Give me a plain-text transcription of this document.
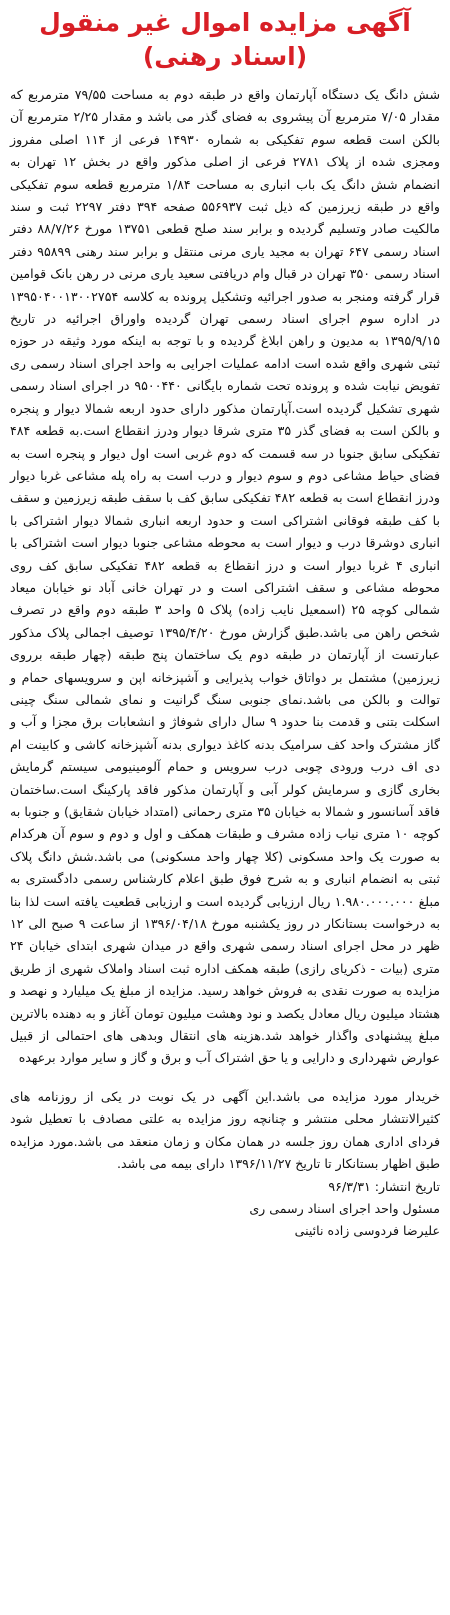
آگهی مزایده اموال غیر منقول (اسناد رهنی)

شش دانگ یک دستگاه آپارتمان واقع در طبقه دوم به مساحت ۷۹/۵۵ مترمربع که مقدار ۷/۰۵ مترمربع آن پیشروی به فضای گذر می باشد و مقدار ۲/۲۵ مترمربع آن بالکن است قطعه سوم تفکیکی به شماره ۱۴۹۳۰ فرعی از ۱۱۴ اصلی مفروز ومجزی شده از پلاک ۲۷۸۱ فرعی از اصلی مذکور واقع در بخش ۱۲ تهران به انضمام شش دانگ یک باب انباری به مساحت ۱/۸۴ مترمربع قطعه سوم تفکیکی واقع در طبقه زیرزمین که ذیل ثبت ۵۵۶۹۳۷ صفحه ۳۹۴ دفتر ۲۲۹۷ ثبت و سند مالکیت صادر وتسلیم گردیده و برابر سند صلح قطعی ۱۳۷۵۱ مورخ ۸۸/۷/۲۶ دفتر اسناد رسمی ۶۴۷ تهران به مجید یاری مرنی منتقل و برابر سند رهنی ۹۵۸۹۹ دفتر اسناد رسمی ۳۵۰ تهران در قبال وام دریافتی سعید یاری مرنی در رهن بانک قوامین قرار گرفته ومنجر به صدور اجرائیه وتشکیل پرونده به کلاسه ۱۳۹۵۰۴۰۰۱۳۰۰۲۷۵۴ در اداره سوم اجرای اسناد رسمی تهران گردیده واوراق اجرائیه در تاریخ ۱۳۹۵/۹/۱۵ به مدیون و راهن ابلاغ گردیده و با توجه به اینکه مورد وثیقه در حوزه ثبتی شهری واقع شده است ادامه عملیات اجرایی به واحد اجرای اسناد رسمی ری تفویض نیابت شده و پرونده تحت شماره بایگانی ۹۵۰۰۴۴۰ در اجرای اسناد رسمی شهری تشکیل گردیده است.آپارتمان مذکور دارای حدود اربعه شمالا دیوار و پنجره و بالکن است به فضای گذر ۳۵ متری شرقا دیوار ودرز انقطاع است.به قطعه ۴۸۴ تفکیکی سابق جنوبا در سه قسمت که دوم غربی است اول دیوار و پنجره است به فضای حیاط مشاعی دوم و سوم دیوار و درب است به راه پله مشاعی غربا دیوار ودرز انقطاع است به قطعه ۴۸۲ تفکیکی سابق کف با سقف طبقه زیرزمین و سقف با کف طبقه فوقانی اشتراکی است و حدود اربعه انباری شمالا دیوار اشتراکی با انباری دوشرقا درب و دیوار است به محوطه مشاعی جنوبا دیوار است اشتراکی با انباری ۴ غربا دیوار است و درز انقطاع به قطعه ۴۸۲ تفکیکی سابق کف روی محوطه مشاعی و سقف اشتراکی است و در تهران خانی آباد نو خیابان میعاد شمالی کوچه ۲۵ (اسمعیل نایب زاده) پلاک ۵ واحد ۳ طبقه دوم واقع در تصرف شخص راهن می باشد.طبق گزارش مورخ ۱۳۹۵/۴/۲۰ توصیف اجمالی پلاک مذکور عبارتست از آپارتمان در طبقه دوم یک ساختمان پنج طبقه (چهار طبقه برروی زیرزمین) مشتمل بر دواتاق خواب پذیرایی و آشپزخانه اپن و سرویسهای حمام و توالت و بالکن می باشد.نمای جنوبی سنگ گرانیت و نمای شمالی سنگ چینی اسکلت بتنی و قدمت بنا حدود ۹ سال دارای شوفاژ و انشعابات برق مجزا و آب و گاز مشترک واحد کف سرامیک بدنه کاغذ دیواری بدنه آشپزخانه کاشی و کابینت ام دی اف درب ورودی چوبی درب سرویس و حمام آلومینیومی سیستم گرمایش بخاری گازی و سرمایش کولر آبی و آپارتمان مذکور فاقد پارکینگ است.ساختمان فاقد آسانسور و شمالا به خیابان ۳۵ متری رحمانی (امتداد خیابان شقایق) و جنوبا به کوچه ۱۰ متری نیاب زاده مشرف و طبقات همکف و اول و دوم و سوم آن هرکدام به صورت یک واحد مسکونی (کلا چهار واحد مسکونی) می باشد.شش دانگ پلاک ثبتی به انضمام انباری و به شرح فوق طبق اعلام کارشناس رسمی دادگستری به مبلغ ۱.۹۸۰.۰۰۰.۰۰۰ ریال ارزیابی گردیده است و ارزیابی قطعیت یافته است لذا بنا به درخواست بستانکار در روز یکشنبه مورخ ۱۳۹۶/۰۴/۱۸ از ساعت ۹ صبح الی ۱۲ ظهر در محل اجرای اسناد رسمی شهری واقع در میدان شهری ابتدای خیابان ۲۴ متری (بیات - ذکریای رازی) طبقه همکف اداره ثبت اسناد واملاک شهری از طریق مزایده به صورت نقدی به فروش خواهد رسید. مزایده از مبلغ یک میلیارد و نهصد و هشتاد میلیون ریال معادل یکصد و نود وهشت میلیون تومان آغاز و به دهنده بالاترین مبلغ پیشنهادی واگذار خواهد شد.هزینه های انتقال وبدهی های احتمالی از قبیل عوارض شهرداری و دارایی و یا حق اشتراک آب و برق و گاز و سایر موارد برعهده

خریدار مورد مزایده می باشد.این آگهی در یک نوبت در یکی از روزنامه های کثیرالانتشار محلی منتشر و چنانچه روز مزایده به علتی مصادف با تعطیل شود فردای اداری همان روز جلسه در همان مکان و زمان منعقد می باشد.مورد مزایده طبق اظهار بستانکار تا تاریخ ۱۳۹۶/۱۱/۲۷ دارای بیمه می باشد.

تاریخ انتشار: ۹۶/۳/۳۱

مسئول واحد اجرای اسناد رسمی ری

علیرضا فردوسی زاده نائینی
